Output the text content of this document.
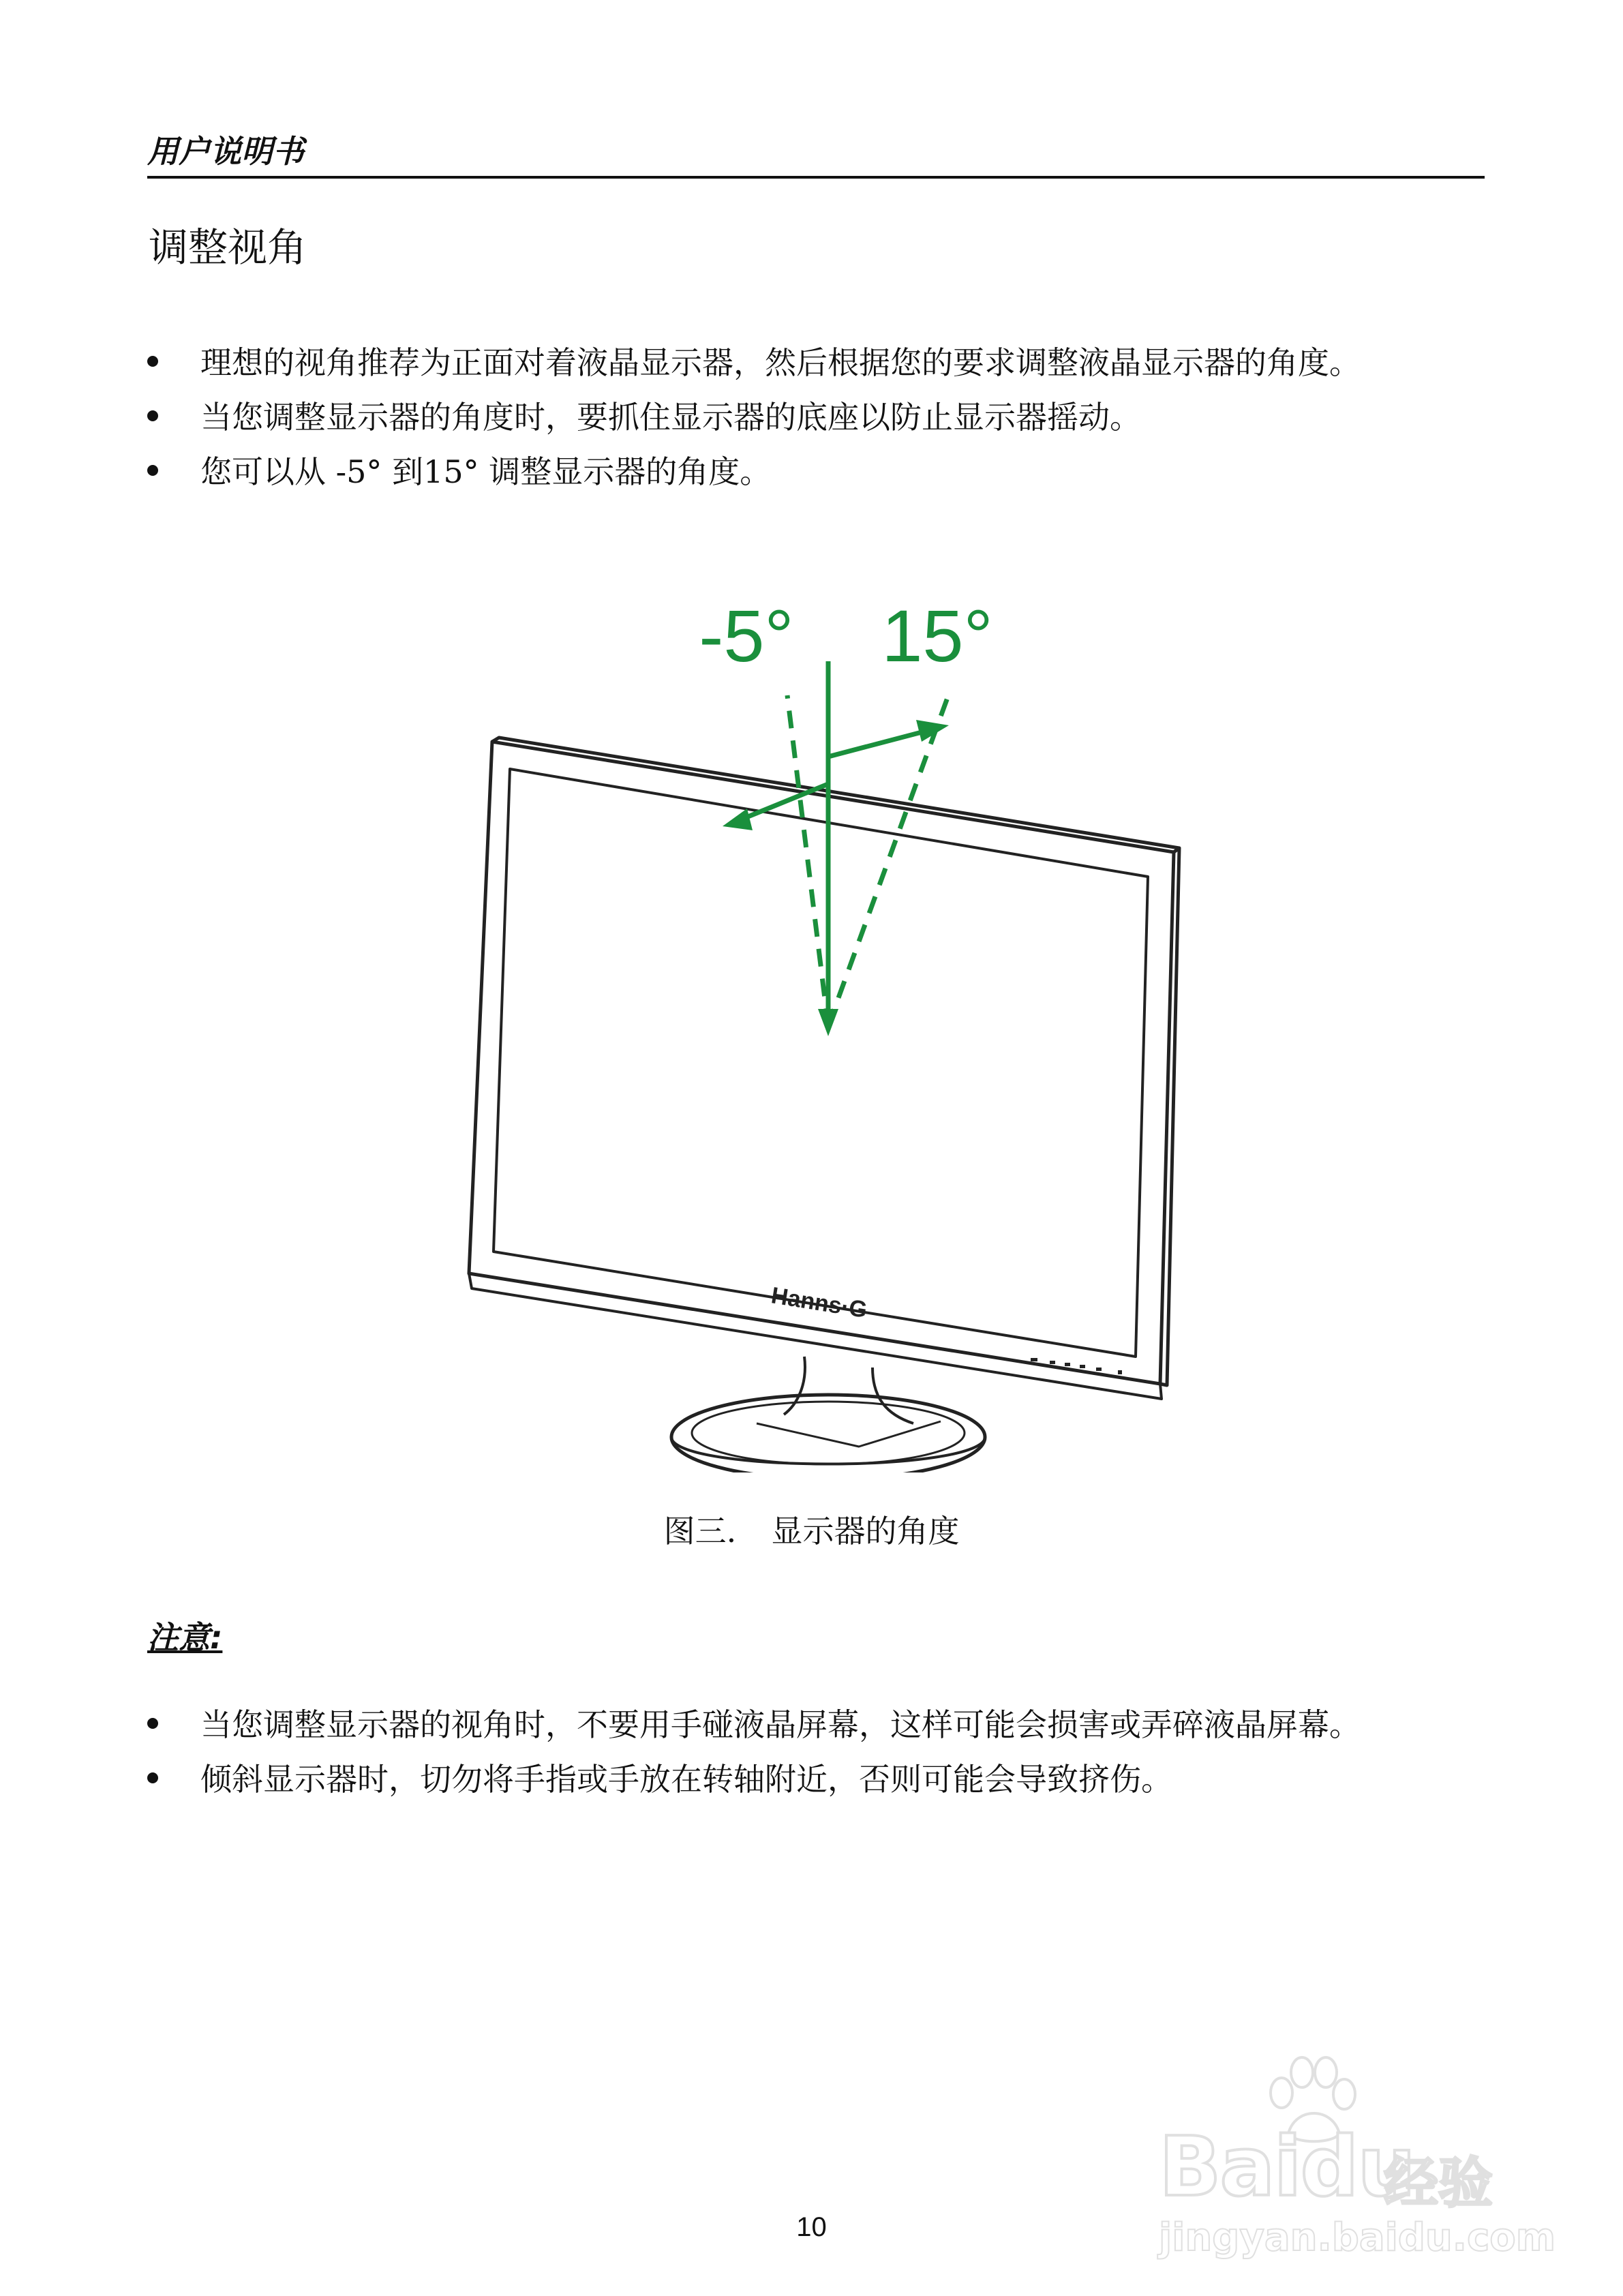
用户说明书
调整视角
理想的视角推荐为正面对着液晶显示器，然后根据您的要求调整液晶显示器的角度。
当您调整显示器的角度时，要抓住显示器的底座以防止显示器摇动。
您可以从 -5° 到15° 调整显示器的角度。
Hanns·G
-5° 15°
图三. 显示器的角度
注意:
当您调整显示器的视角时，不要用手碰液晶屏幕，这样可能会损害或弄碎液晶屏幕。
倾斜显示器时，切勿将手指或手放在转轴附近，否则可能会导致挤伤。
Baidu
经验
jingyan.baidu.com
10
